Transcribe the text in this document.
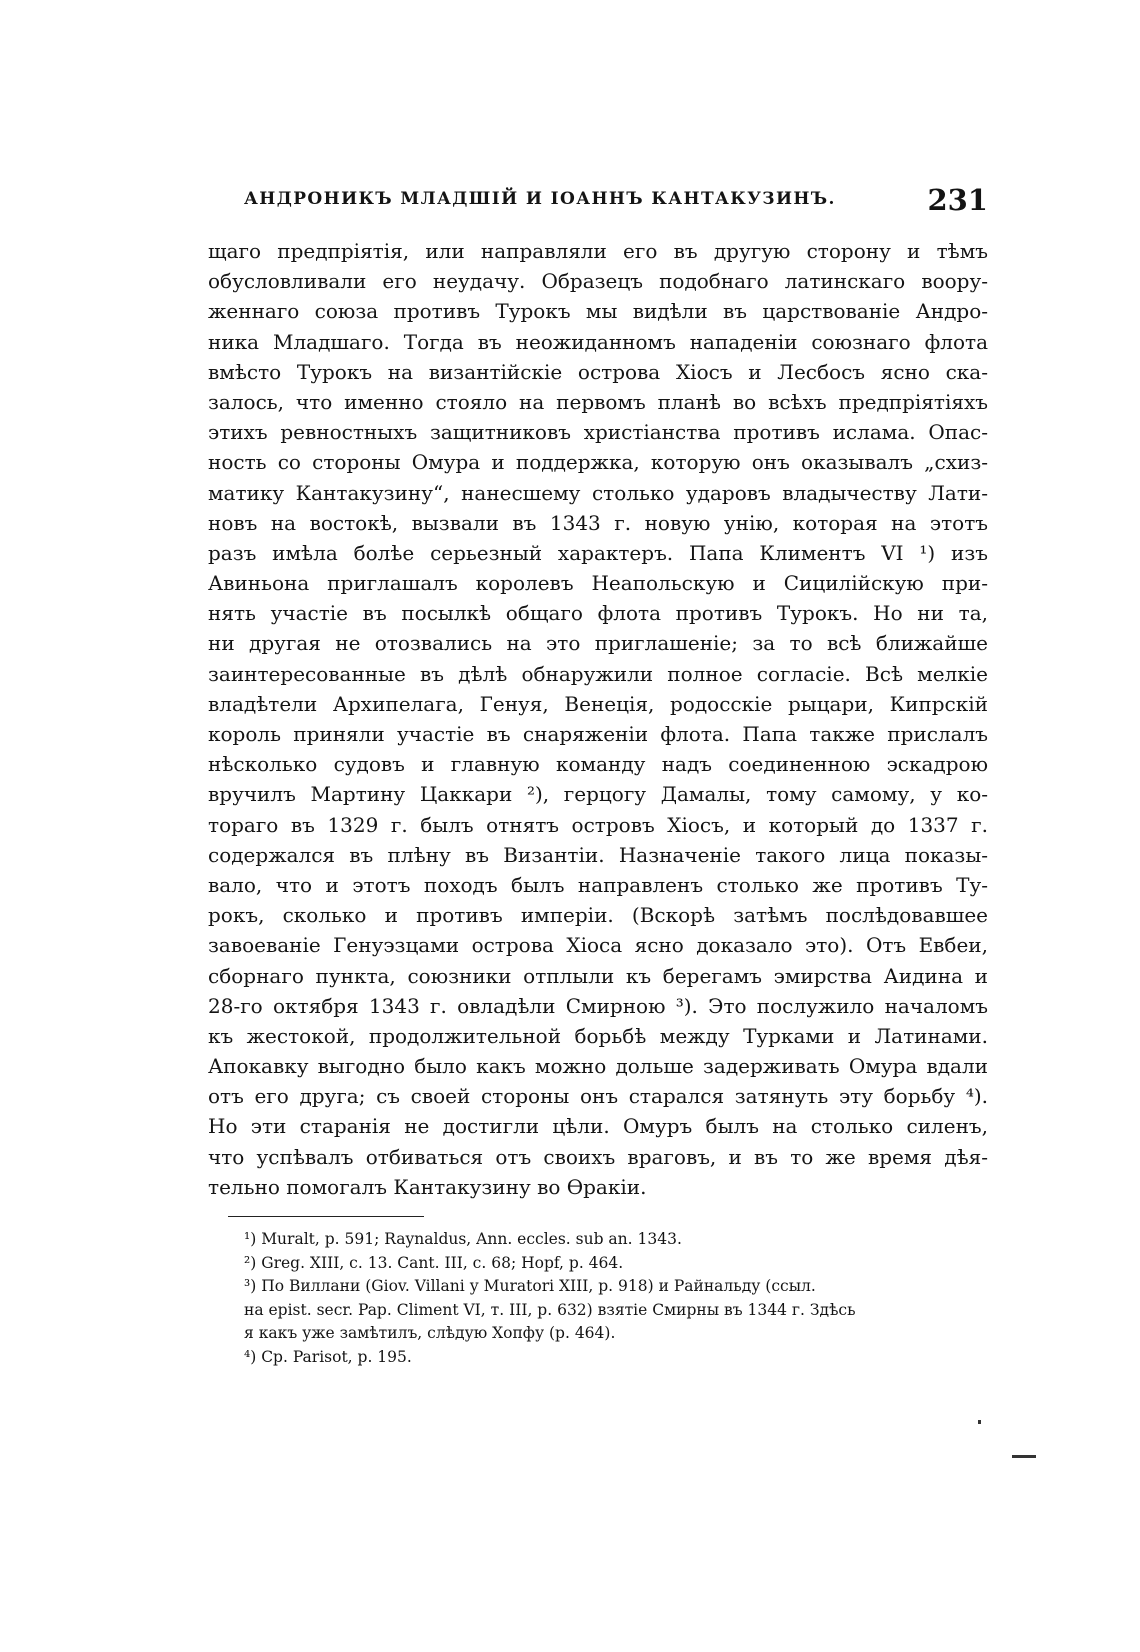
АНДРОНИКЪ МЛАДШІЙ И ІОАННЪ КАНТАКУЗИНЪ.	231
щаго предпріятія, или направляли его въ другую сторону и тѣмъ
обусловливали его неудачу. Образецъ подобнаго латинскаго воору-
женнаго союза противъ Турокъ мы видѣли въ царствованіе Андро-
ника Младшаго. Тогда въ неожиданномъ нападеніи союзнаго флота
вмѣсто Турокъ на византійскіе острова Хіосъ и Лесбосъ ясно ска-
залось, что именно стояло на первомъ планѣ во всѣхъ предпріятіяхъ
этихъ ревностныхъ защитниковъ христіанства противъ ислама. Опас-
ность со стороны Омура и поддержка, которую онъ оказывалъ „схиз-
матику Кантакузину“, нанесшему столько ударовъ владычеству Лати-
новъ на востокѣ, вызвали въ 1343 г. новую унію, которая на этотъ
разъ имѣла болѣе серьезный характеръ. Папа Климентъ VI ¹) изъ
Авиньона приглашалъ королевъ Неапольскую и Сицилійскую при-
нять участіе въ посылкѣ общаго флота противъ Турокъ. Но ни та,
ни другая не отозвались на это приглашеніе; за то всѣ ближайше
заинтересованные въ дѣлѣ обнаружили полное согласіе. Всѣ мелкіе
владѣтели Архипелага, Генуя, Венеція, родосскіе рыцари, Кипрскій
король приняли участіе въ снаряженіи флота. Папа также прислалъ
нѣсколько судовъ и главную команду надъ соединенною эскадрою
вручилъ Мартину Цаккари ²), герцогу Дамалы, тому самому, у ко-
тораго въ 1329 г. былъ отнятъ островъ Хіосъ, и который до 1337 г.
содержался въ плѣну въ Византіи. Назначеніе такого лица показы-
вало, что и этотъ походъ былъ направленъ столько же противъ Ту-
рокъ, сколько и противъ имперіи. (Вскорѣ затѣмъ послѣдовавшее
завоеваніе Генуэзцами острова Хіоса ясно доказало это). Отъ Евбеи,
сборнаго пункта, союзники отплыли къ берегамъ эмирства Аидина и
28-го октября 1343 г. овладѣли Смирною ³). Это послужило началомъ
къ жестокой, продолжительной борьбѣ между Турками и Латинами.
Апокавку выгодно было какъ можно дольше задерживать Омура вдали
отъ его друга; съ своей стороны онъ старался затянуть эту борьбу ⁴).
Но эти старанія не достигли цѣли. Омуръ былъ на столько силенъ,
что успѣвалъ отбиваться отъ своихъ враговъ, и въ то же время дѣя-
тельно помогалъ Кантакузину во Ѳракіи.
¹) Muralt, p. 591; Raynaldus, Ann. eccles. sub an. 1343.
²) Greg. XIII, c. 13. Cant. III, c. 68; Hopf, p. 464.
³) По Виллани (Giov. Villani у Muratori XIII, p. 918) и Райнальду (ссыл.
на epist. secr. Pap. Climent VI, т. III, p. 632) взятіе Смирны въ 1344 г. Здѣсь
я какъ уже замѣтилъ, слѣдую Хопфу (p. 464).
⁴) Ср. Parisot, p. 195.
